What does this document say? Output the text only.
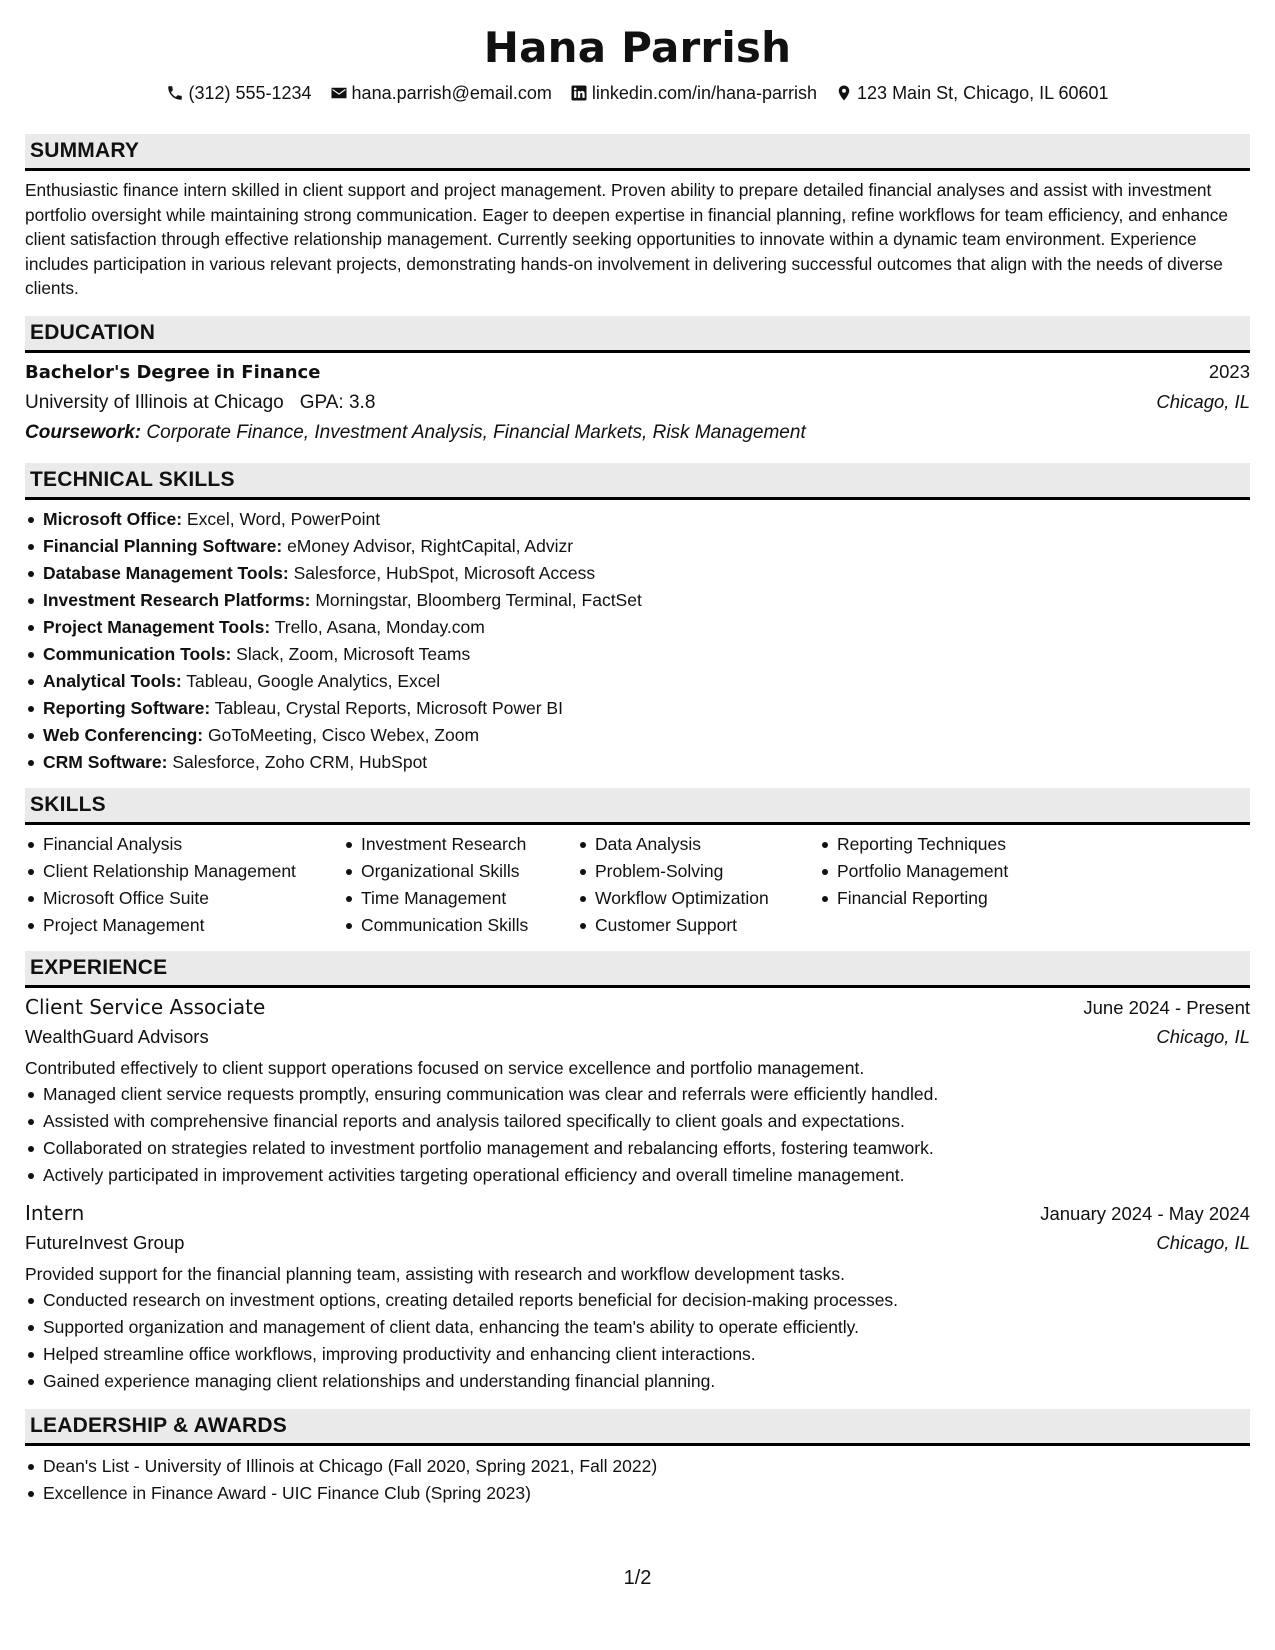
Hana Parrish
(312) 555-1234 hana.parrish@email.com linkedin.com/in/hana-parrish 123 Main St, Chicago, IL 60601
SUMMARY

Enthusiastic finance intern skilled in client support and project management. Proven ability to prepare detailed financial analyses and assist with investment portfolio oversight while maintaining strong communication. Eager to deepen expertise in financial planning, refine workflows for team efficiency, and enhance client satisfaction through effective relationship management. Currently seeking opportunities to innovate within a dynamic team environment. Experience includes participation in various relevant projects, demonstrating hands-on involvement in delivering successful outcomes that align with the needs of diverse clients.

EDUCATION
Bachelor's Degree in Finance	2023
University of Illinois at Chicago GPA: 3.8	Chicago, IL
Coursework: Corporate Finance, Investment Analysis, Financial Markets, Risk Management
TECHNICAL SKILLS
Microsoft Office: Excel, Word, PowerPoint
Financial Planning Software: eMoney Advisor, RightCapital, Advizr
Database Management Tools: Salesforce, HubSpot, Microsoft Access
Investment Research Platforms: Morningstar, Bloomberg Terminal, FactSet
Project Management Tools: Trello, Asana, Monday.com
Communication Tools: Slack, Zoom, Microsoft Teams
Analytical Tools: Tableau, Google Analytics, Excel
Reporting Software: Tableau, Crystal Reports, Microsoft Power BI
Web Conferencing: GoToMeeting, Cisco Webex, Zoom
CRM Software: Salesforce, Zoho CRM, HubSpot
SKILLS
Financial Analysis
Client Relationship Management
Microsoft Office Suite
Project Management
Investment Research
Organizational Skills
Time Management
Communication Skills
Data Analysis
Problem-Solving
Workflow Optimization
Customer Support
Reporting Techniques
Portfolio Management
Financial Reporting
EXPERIENCE
Client Service Associate	June 2024 - Present
WealthGuard Advisors	Chicago, IL
Contributed effectively to client support operations focused on service excellence and portfolio management.
Managed client service requests promptly, ensuring communication was clear and referrals were efficiently handled.
Assisted with comprehensive financial reports and analysis tailored specifically to client goals and expectations.
Collaborated on strategies related to investment portfolio management and rebalancing efforts, fostering teamwork.
Actively participated in improvement activities targeting operational efficiency and overall timeline management.
Intern	January 2024 - May 2024
FutureInvest Group	Chicago, IL
Provided support for the financial planning team, assisting with research and workflow development tasks.
Conducted research on investment options, creating detailed reports beneficial for decision-making processes.
Supported organization and management of client data, enhancing the team's ability to operate efficiently.
Helped streamline office workflows, improving productivity and enhancing client interactions.
Gained experience managing client relationships and understanding financial planning.
LEADERSHIP & AWARDS
Dean's List - University of Illinois at Chicago (Fall 2020, Spring 2021, Fall 2022)
Excellence in Finance Award - UIC Finance Club (Spring 2023)
1/2
